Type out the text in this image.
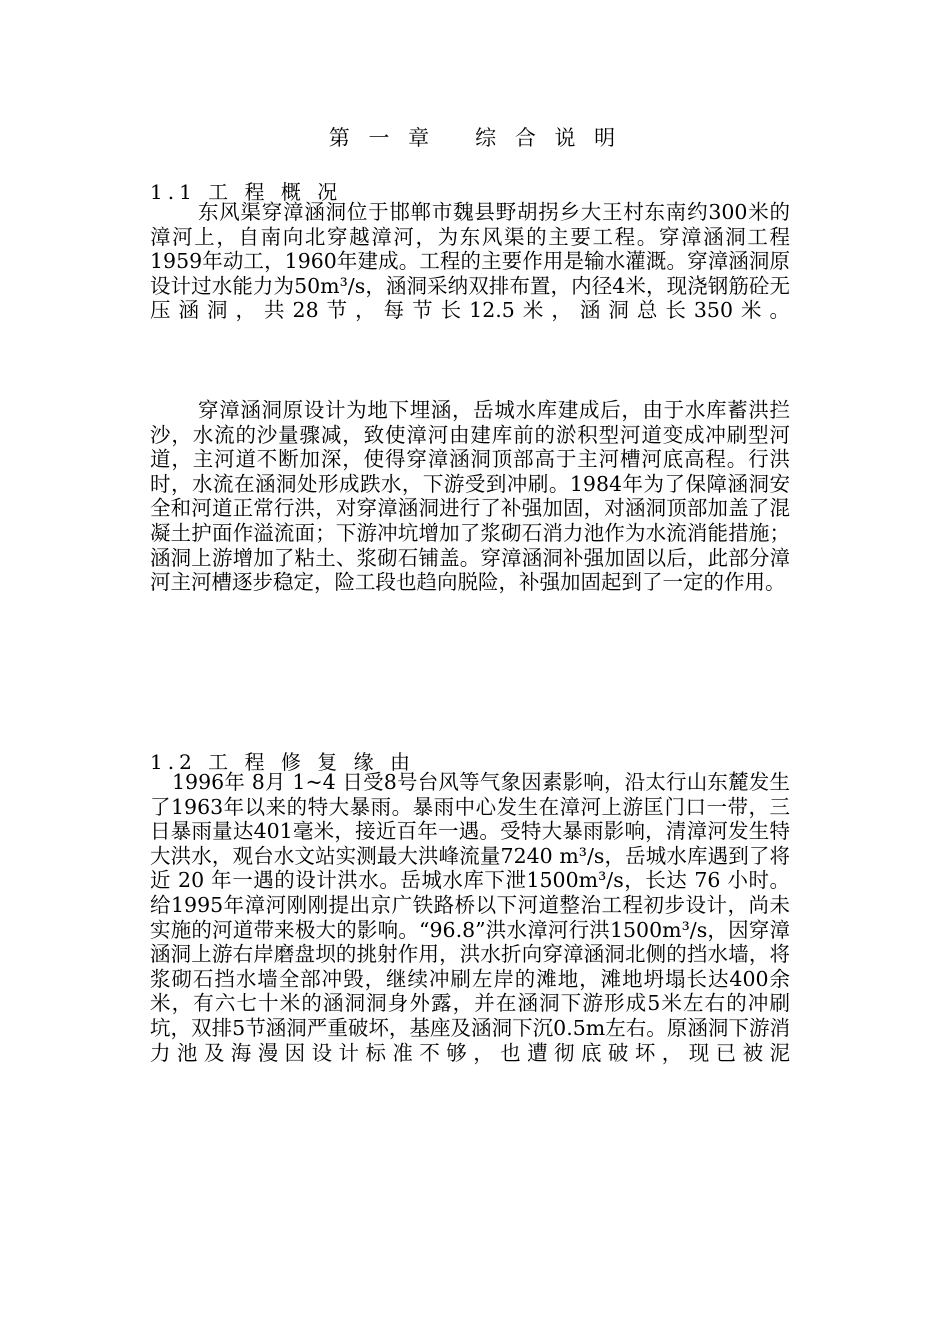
第 一 章 综 合 说 明
1.1 工 程 概 况

东风渠穿漳涵洞位于邯郸市魏县野胡拐乡大王村东南约300米的漳河上，自南向北穿越漳河，为东风渠的主要工程。穿漳涵洞工程1959年动工，1960年建成。工程的主要作用是输水灌溉。穿漳涵洞原设计过水能力为50m³/s，涵洞采纳双排布置，内径4米，现浇钢筋砼无压涵洞，共28节，每节长12.5米，涵洞总长350米。

穿漳涵洞原设计为地下埋涵，岳城水库建成后，由于水库蓄洪拦沙，水流的沙量骤减，致使漳河由建库前的淤积型河道变成冲刷型河道，主河道不断加深，使得穿漳涵洞顶部高于主河槽河底高程。行洪时，水流在涵洞处形成跌水，下游受到冲刷。1984年为了保障涵洞安全和河道正常行洪，对穿漳涵洞进行了补强加固，对涵洞顶部加盖了混凝土护面作溢流面；下游冲坑增加了浆砌石消力池作为水流消能措施；涵洞上游增加了粘土、浆砌石铺盖。穿漳涵洞补强加固以后，此部分漳河主河槽逐步稳定，险工段也趋向脱险，补强加固起到了一定的作用。

1.2 工 程 修 复 缘 由

1996年 8月 1~4 日受8号台风等气象因素影响，沿太行山东麓发生了1963年以来的特大暴雨。暴雨中心发生在漳河上游匡门口一带，三日暴雨量达401毫米，接近百年一遇。受特大暴雨影响，清漳河发生特大洪水，观台水文站实测最大洪峰流量7240 m³/s，岳城水库遇到了将近 20 年一遇的设计洪水。岳城水库下泄1500m³/s，长达 76 小时。给1995年漳河刚刚提出京广铁路桥以下河道整治工程初步设计，尚未实施的河道带来极大的影响。“96.8”洪水漳河行洪1500m³/s，因穿漳涵洞上游右岸磨盘坝的挑射作用，洪水折向穿漳涵洞北侧的挡水墙，将浆砌石挡水墙全部冲毁，继续冲刷左岸的滩地，滩地坍塌长达400余米，有六七十米的涵洞洞身外露，并在涵洞下游形成5米左右的冲刷坑，双排5节涵洞严重破坏，基座及涵洞下沉0.5m左右。原涵洞下游消力池及海漫因设计标准不够，也遭彻底破坏，现已被泥
